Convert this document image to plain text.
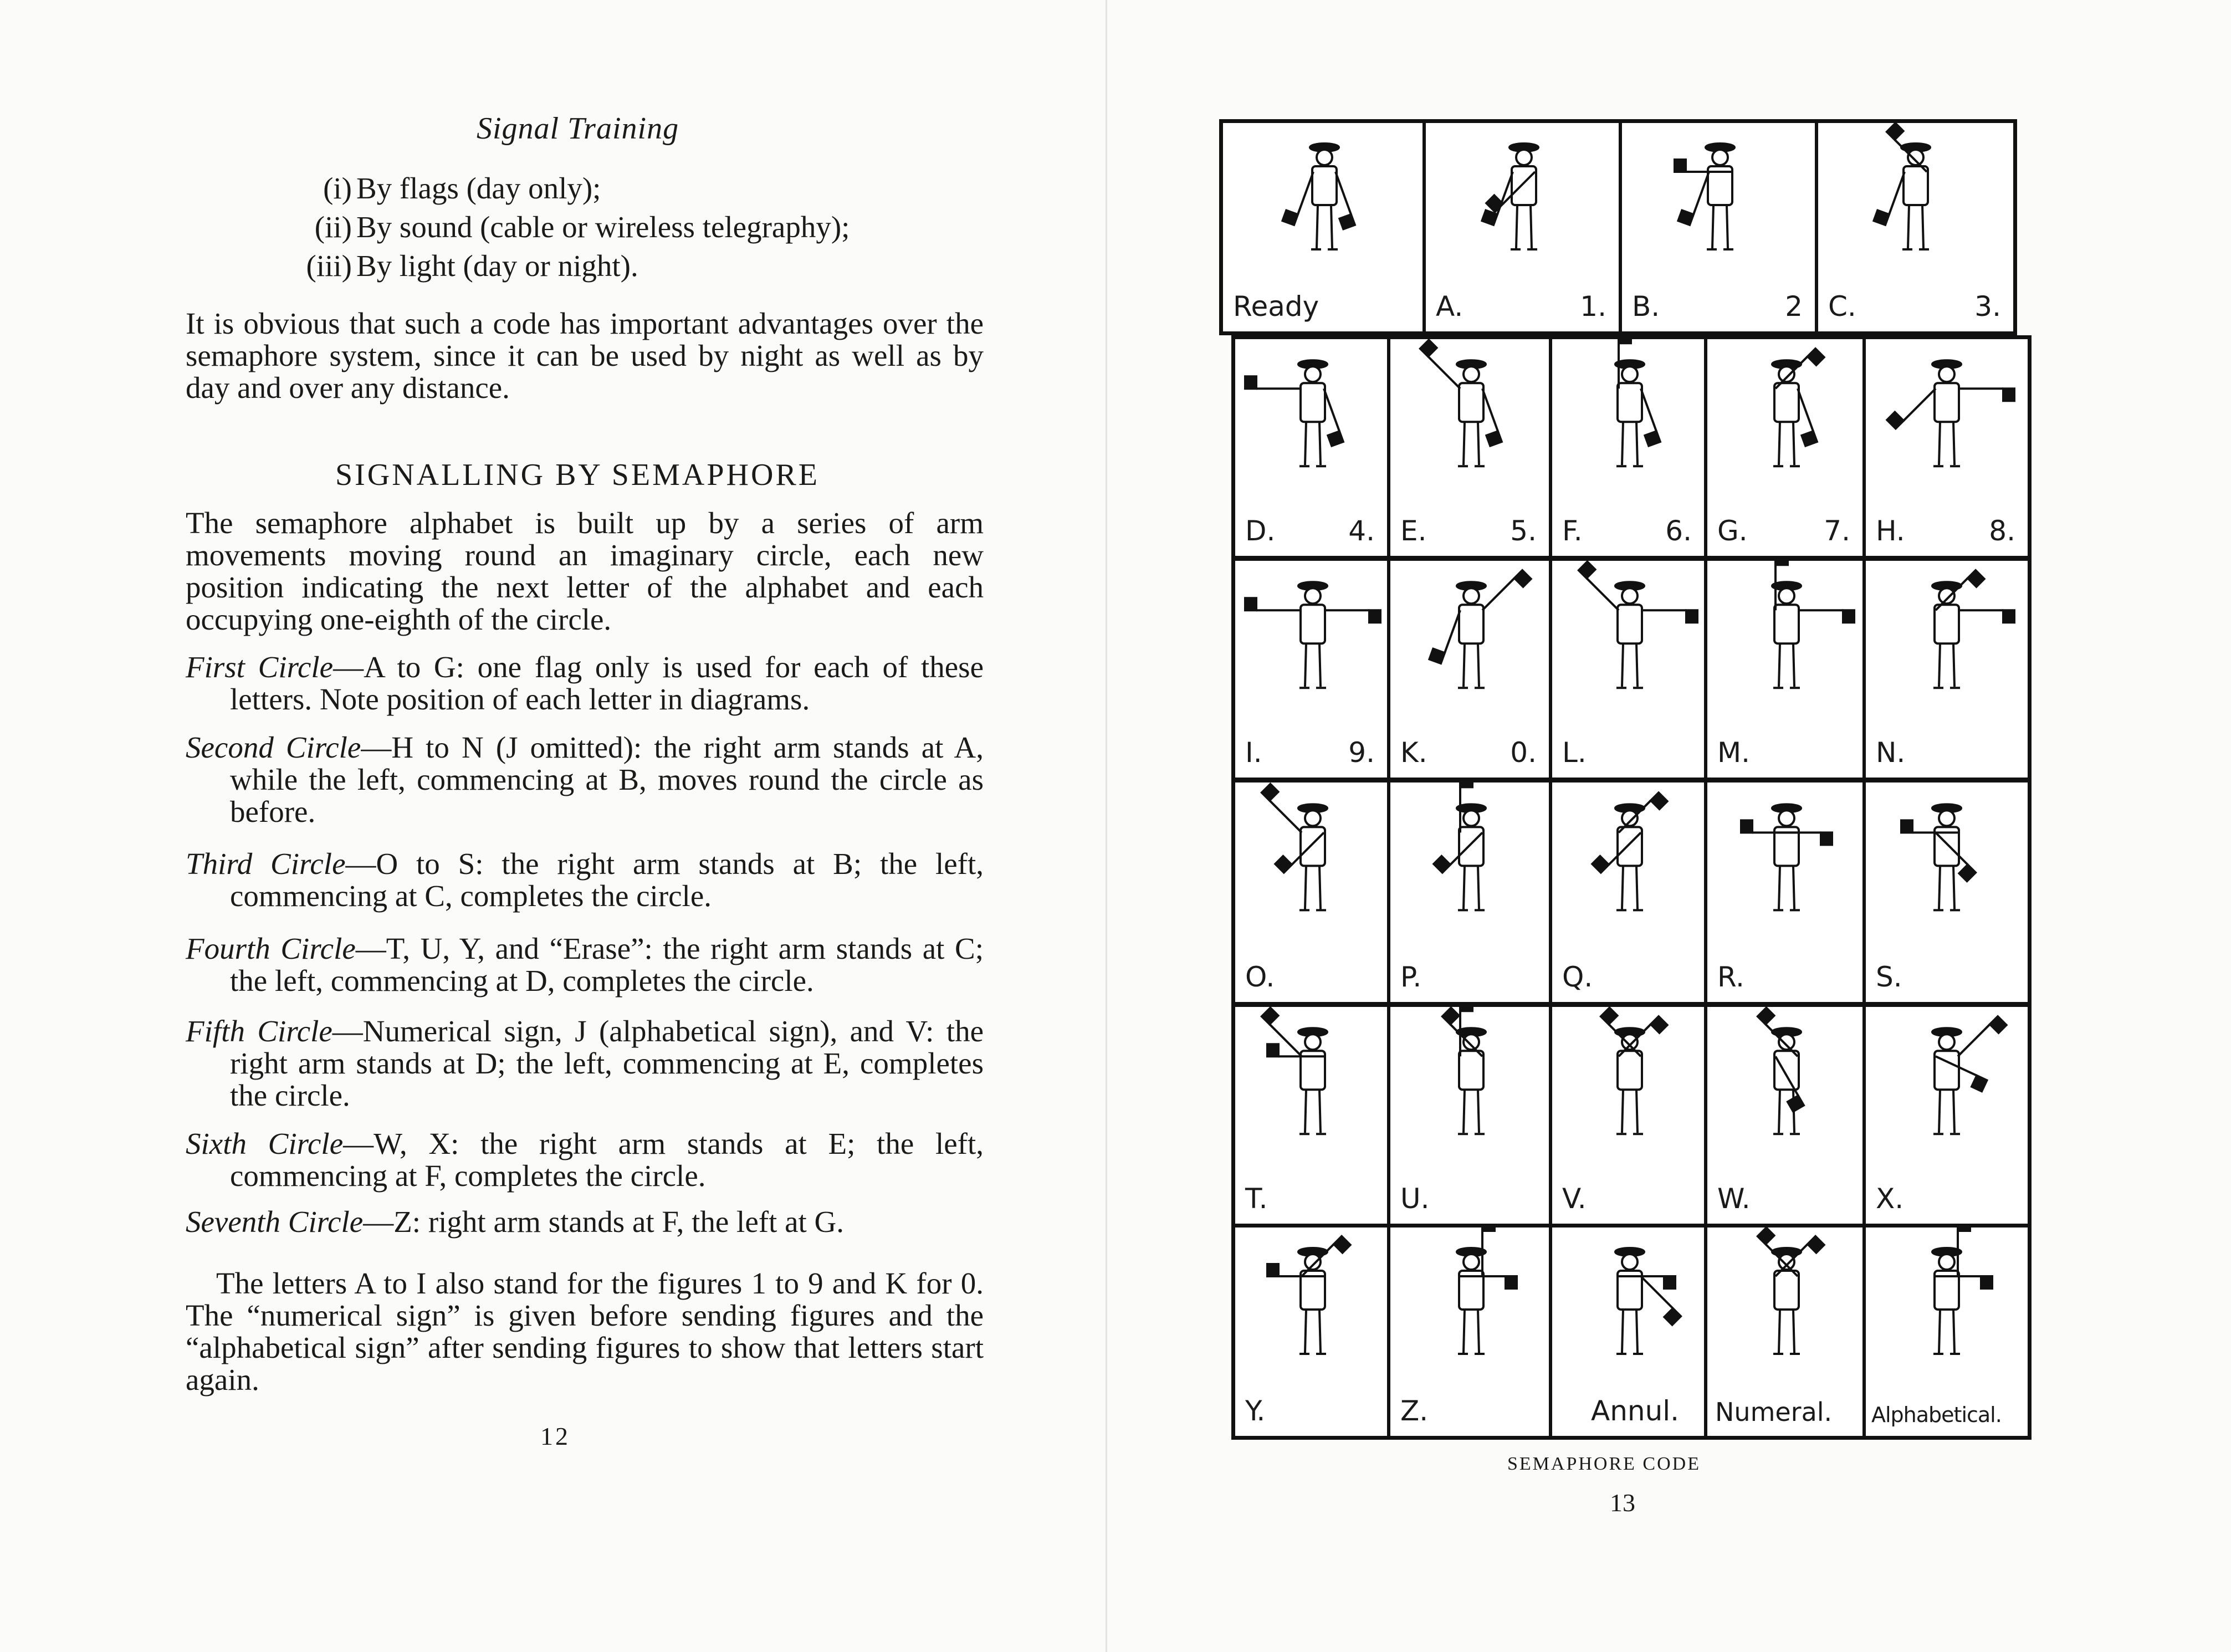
Signal Training
(i) By flags (day only);
(ii) By sound (cable or wireless telegraphy);
(iii) By light (day or night).
It is obvious that such a code has important advantages over the semaphore system, since it can be used by night as well as by day and over any distance.
SIGNALLING BY SEMAPHORE
The semaphore alphabet is built up by a series of arm movements moving round an imaginary circle, each new position indicating the next letter of the alphabet and each occupying one-eighth of the circle.
First Circle—A to G: one flag only is used for each of these letters. Note position of each letter in diagrams.
Second Circle—H to N (J omitted): the right arm stands at A, while the left, commencing at B, moves round the circle as before.
Third Circle—O to S: the right arm stands at B; the left, commencing at C, completes the circle.
Fourth Circle—T, U, Y, and “Erase”: the right arm stands at C; the left, commencing at D, completes the circle.
Fifth Circle—Numerical sign, J (alphabetical sign), and V: the right arm stands at D; the left, commencing at E, completes the circle.
Sixth Circle—W, X: the right arm stands at E; the left, commencing at F, completes the circle.
Seventh Circle—Z: right arm stands at F, the left at G.
The letters A to I also stand for the figures 1 to 9 and K for 0. The “numerical sign” is given before sending figures and the “alphabetical sign” after sending figures to show that letters start again.
12
Ready	A.	1. B.	2 C.	3.
D.	4. E.	5. F.	6. G.	7. H.	8.
I.	9. K.	0. L.	M.	N.
O.	P.	Q.	R.	S.
T.	U.	V.	W.	X.
Y.	Z.	Annul. Numeral. Alphabetical.
SEMAPHORE CODE
13
